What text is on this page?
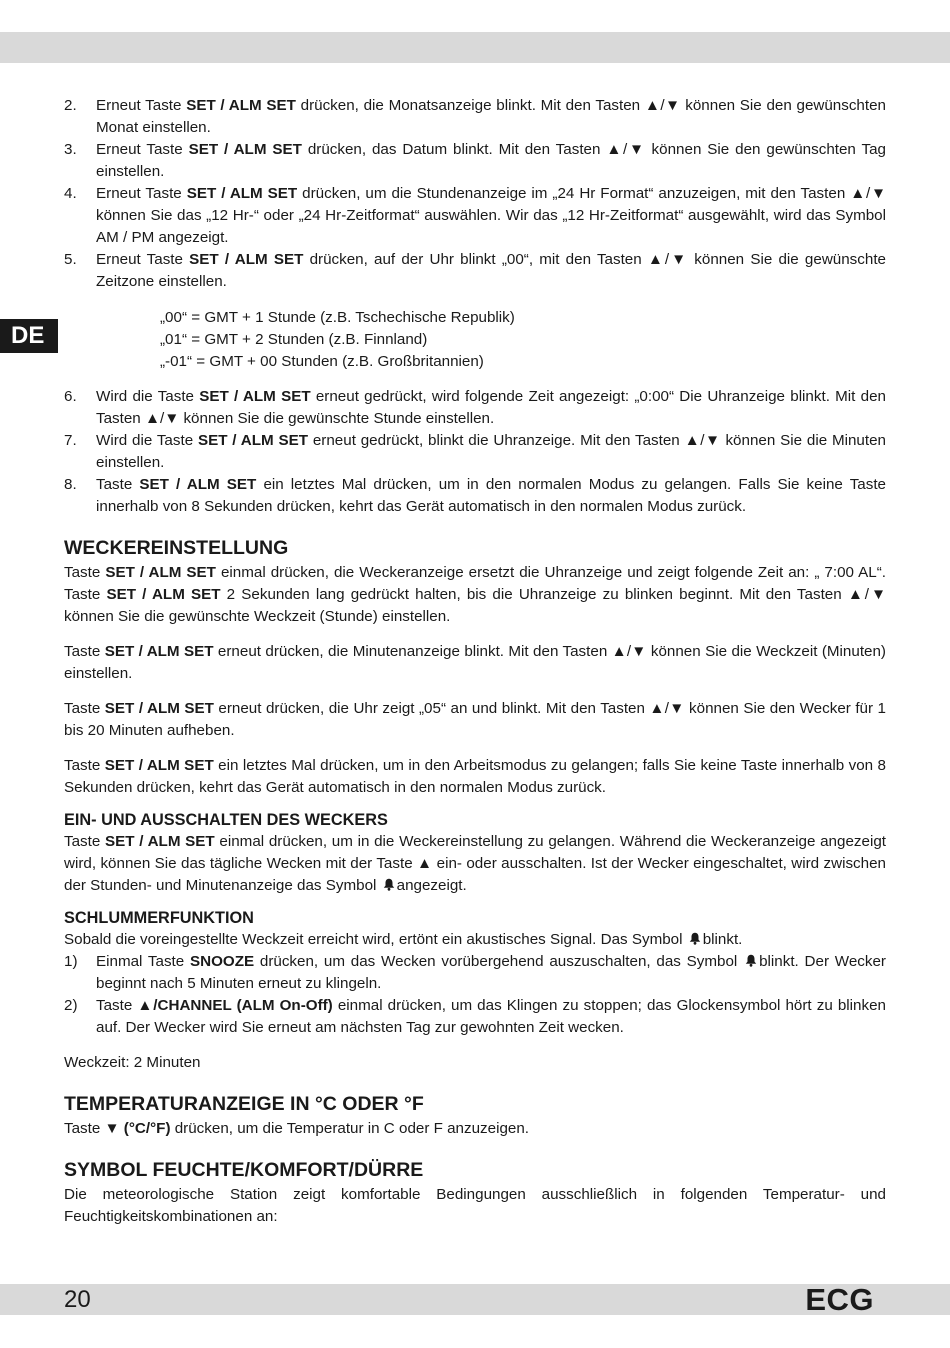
DE
2.	Erneut Taste SET / ALM SET drücken, die Monatsanzeige blinkt. Mit den Tasten ▲/▼ können Sie den gewünschten Monat einstellen.
3.	Erneut Taste SET / ALM SET drücken, das Datum blinkt. Mit den Tasten ▲/▼ können Sie den gewünschten Tag einstellen.
4.	Erneut Taste SET / ALM SET drücken, um die Stundenanzeige im „24 Hr Format“ anzuzeigen, mit den Tasten ▲/▼ können Sie das „12 Hr-“ oder „24 Hr-Zeitformat“ auswählen. Wir das „12 Hr-Zeitformat“ ausgewählt, wird das Symbol AM / PM angezeigt.
5.	Erneut Taste SET / ALM SET drücken, auf der Uhr blinkt „00“, mit den Tasten ▲/▼ können Sie die gewünschte Zeitzone einstellen.
„00“ = GMT + 1 Stunde (z.B. Tschechische Republik)
„01“ = GMT + 2 Stunden (z.B. Finnland)
„-01“ = GMT + 00 Stunden (z.B. Großbritannien)
6.	Wird die Taste SET / ALM SET erneut gedrückt, wird folgende Zeit angezeigt: „0:00“ Die Uhranzeige blinkt. Mit den Tasten ▲/▼ können Sie die gewünschte Stunde einstellen.
7.	Wird die Taste SET / ALM SET erneut gedrückt, blinkt die Uhranzeige. Mit den Tasten ▲/▼ können Sie die Minuten einstellen.
8.	Taste SET / ALM SET ein letztes Mal drücken, um in den normalen Modus zu gelangen. Falls Sie keine Taste innerhalb von 8 Sekunden drücken, kehrt das Gerät automatisch in den normalen Modus zurück.
WECKEREINSTELLUNG

Taste SET / ALM SET einmal drücken, die Weckeranzeige ersetzt die Uhranzeige und zeigt folgende Zeit an: „ 7:00 AL“. Taste SET / ALM SET 2 Sekunden lang gedrückt halten, bis die Uhranzeige zu blinken beginnt. Mit den Tasten ▲/▼ können Sie die gewünschte Weckzeit (Stunde) einstellen.

Taste SET / ALM SET erneut drücken, die Minutenanzeige blinkt. Mit den Tasten ▲/▼ können Sie die Weckzeit (Minuten) einstellen.

Taste SET / ALM SET erneut drücken, die Uhr zeigt „05“ an und blinkt. Mit den Tasten ▲/▼ können Sie den Wecker für 1 bis 20 Minuten aufheben.

Taste SET / ALM SET ein letztes Mal drücken, um in den Arbeitsmodus zu gelangen; falls Sie keine Taste innerhalb von 8 Sekunden drücken, kehrt das Gerät automatisch in den normalen Modus zurück.

EIN- UND AUSSCHALTEN DES WECKERS

Taste SET / ALM SET einmal drücken, um in die Weckereinstellung zu gelangen. Während die Weckeranzeige angezeigt wird, können Sie das tägliche Wecken mit der Taste ▲ ein- oder ausschalten. Ist der Wecker eingeschaltet, wird zwischen der Stunden- und Minutenanzeige das Symbol angezeigt.

SCHLUMMERFUNKTION

Sobald die voreingestellte Weckzeit erreicht wird, ertönt ein akustisches Signal. Das Symbol blinkt.

1)	Einmal Taste SNOOZE drücken, um das Wecken vorübergehend auszuschalten, das Symbol blinkt. Der Wecker beginnt nach 5 Minuten erneut zu klingeln.
2)	Taste ▲/CHANNEL (ALM On-Off) einmal drücken, um das Klingen zu stoppen; das Glockensymbol hört zu blinken auf. Der Wecker wird Sie erneut am nächsten Tag zur gewohnten Zeit wecken.

Weckzeit: 2 Minuten

TEMPERATURANZEIGE IN °C ODER °F

Taste ▼ (°C/°F) drücken, um die Temperatur in C oder F anzuzeigen.

SYMBOL FEUCHTE/KOMFORT/DÜRRE

Die meteorologische Station zeigt komfortable Bedingungen ausschließlich in folgenden Temperatur- und Feuchtigkeitskombinationen an:

20	ECG
